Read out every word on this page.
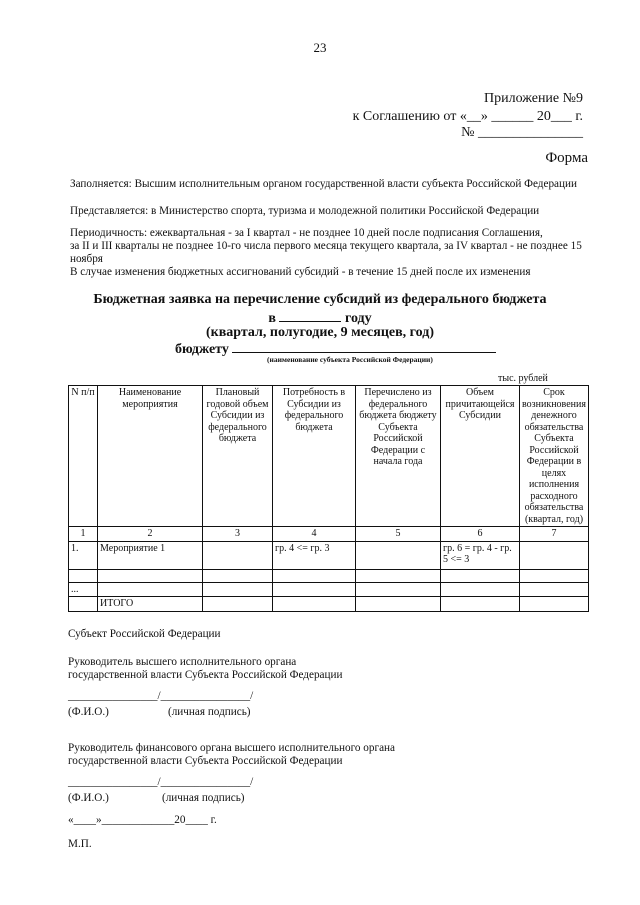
23
Приложение №9
к Соглашению от «__» ______ 20___ г.
№ _______________
Форма
Заполняется: Высшим исполнительным органом государственной власти субъекта Российской Федерации
Представляется: в Министерство спорта, туризма и молодежной политики Российской Федерации
Периодичность: ежеквартальная - за I квартал - не позднее 10 дней после подписания Соглашения,
за II и III кварталы не позднее 10-го числа первого месяца текущего квартала, за IV квартал - не позднее 15
ноября
В случае изменения бюджетных ассигнований субсидий - в течение 15 дней после их изменения
Бюджетная заявка на перечисление субсидий из федерального бюджета
в	году
(квартал, полугодие, 9 месяцев, год)
бюджету
(наименование субъекта Российской Федерации)
тыс. рублей
N п/п	Наименование мероприятия	Плановый годовой объем Субсидии из федерального бюджета	Потребность в Субсидии из федерального бюджета	Перечислено из федерального бюджета бюджету Субъекта Российской Федерации с начала года	Объем причитающейся Субсидии	Срок возникновения денежного обязательства Субъекта Российской Федерации в целях исполнения расходного обязательства (квартал, год)
1	2	3	4	5	6	7
1.	Мероприятие 1		гр. 4 <= гр. 3		гр. 6 = гр. 4 - гр. 5 <= 3	

...						
	ИТОГО					
Субъект Российской Федерации
Руководитель высшего исполнительного органа
государственной власти Субъекта Российской Федерации
________________/________________/
(Ф.И.О.)	(личная подпись)
Руководитель финансового органа высшего исполнительного органа
государственной власти Субъекта Российской Федерации
________________/________________/
(Ф.И.О.)	(личная подпись)
«____»_____________20____ г.
М.П.
